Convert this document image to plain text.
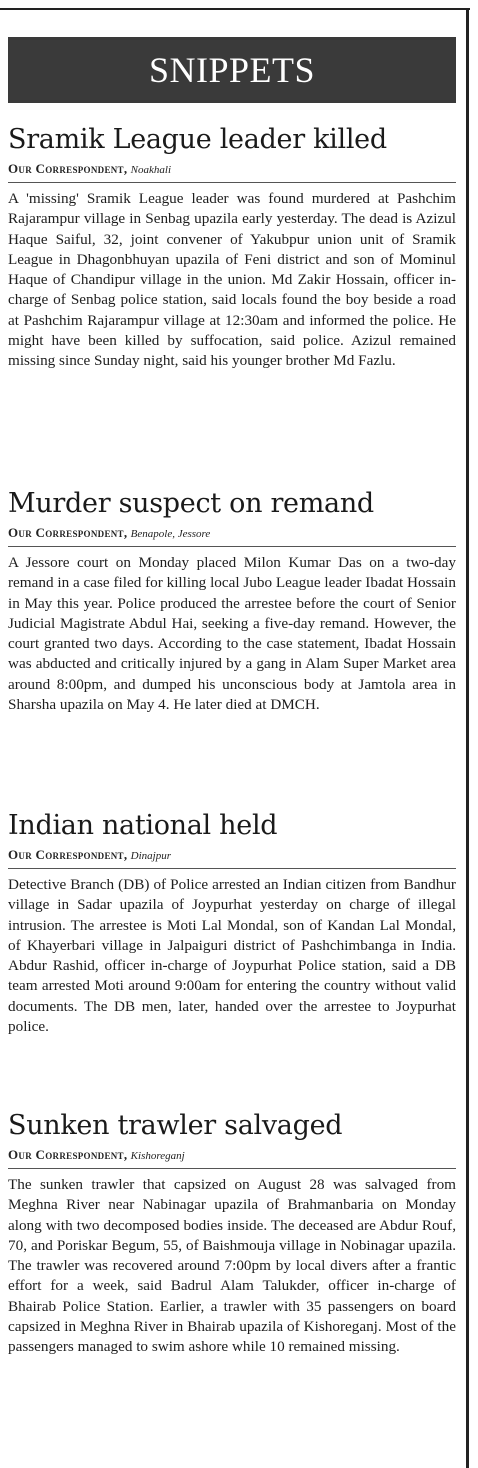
SNIPPETS
Sramik League leader killed
Our Correspondent, Noakhali
A 'missing' Sramik League leader was found murdered at Pashchim Rajarampur village in Senbag upazila early yesterday. The dead is Azizul Haque Saiful, 32, joint convener of Yakubpur union unit of Sramik League in Dhagonbhuyan upazila of Feni district and son of Mominul Haque of Chandipur village in the union. Md Zakir Hossain, officer in-charge of Senbag police station, said locals found the boy beside a road at Pashchim Rajarampur village at 12:30am and informed the police. He might have been killed by suffocation, said police. Azizul remained missing since Sunday night, said his younger brother Md Fazlu.
Murder suspect on remand
Our Correspondent, Benapole, Jessore
A Jessore court on Monday placed Milon Kumar Das on a two-day remand in a case filed for killing local Jubo League leader Ibadat Hossain in May this year. Police produced the arrestee before the court of Senior Judicial Magistrate Abdul Hai, seeking a five-day remand. However, the court granted two days. According to the case statement, Ibadat Hossain was abducted and critically injured by a gang in Alam Super Market area around 8:00pm, and dumped his unconscious body at Jamtola area in Sharsha upazila on May 4. He later died at DMCH.
Indian national held
Our Correspondent, Dinajpur
Detective Branch (DB) of Police arrested an Indian citizen from Bandhur village in Sadar upazila of Joypurhat yesterday on charge of illegal intrusion. The arrestee is Moti Lal Mondal, son of Kandan Lal Mondal, of Khayerbari village in Jalpaiguri district of Pashchimbanga in India. Abdur Rashid, officer in-charge of Joypurhat Police station, said a DB team arrested Moti around 9:00am for entering the country without valid documents. The DB men, later, handed over the arrestee to Joypurhat police.
Sunken trawler salvaged
Our Correspondent, Kishoreganj
The sunken trawler that capsized on August 28 was salvaged from Meghna River near Nabinagar upazila of Brahmanbaria on Monday along with two decomposed bodies inside. The deceased are Abdur Rouf, 70, and Poriskar Begum, 55, of Baishmouja village in Nobinagar upazila. The trawler was recovered around 7:00pm by local divers after a frantic effort for a week, said Badrul Alam Talukder, officer in-charge of Bhairab Police Station. Earlier, a trawler with 35 passengers on board capsized in Meghna River in Bhairab upazila of Kishoreganj. Most of the passengers managed to swim ashore while 10 remained missing.
